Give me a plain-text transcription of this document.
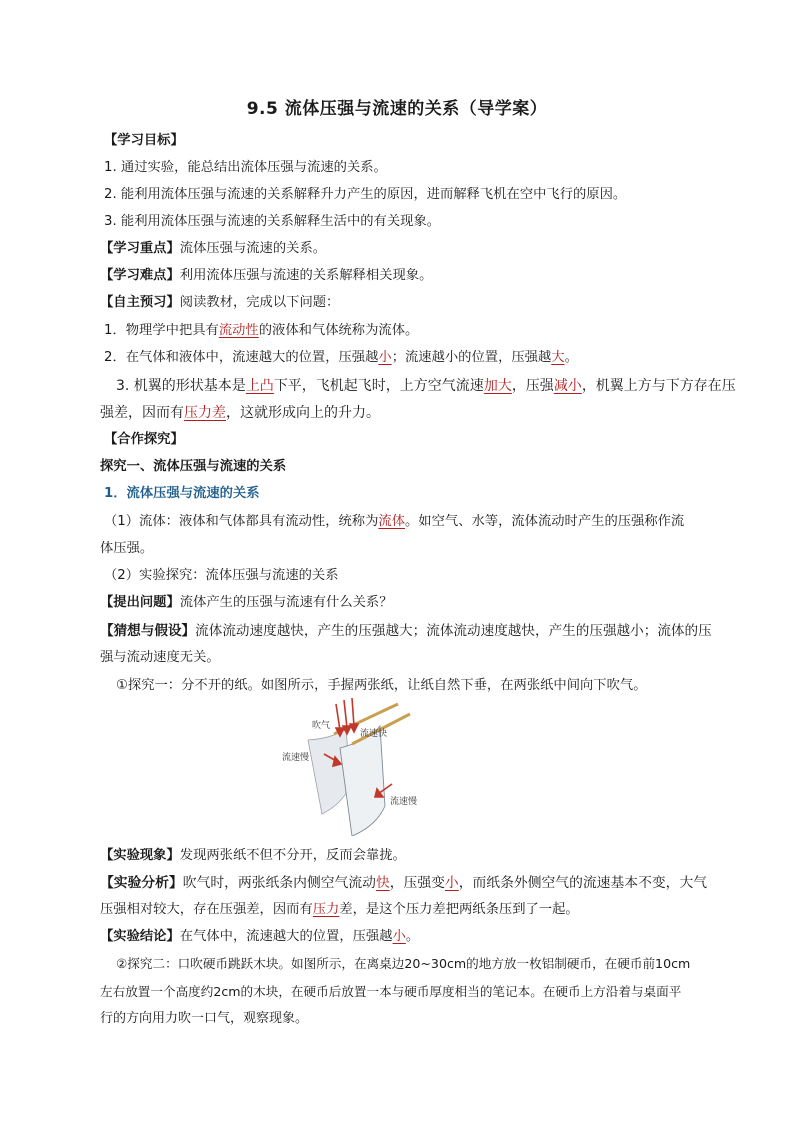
9.5 流体压强与流速的关系（导学案）
【学习目标】
1. 通过实验，能总结出流体压强与流速的关系。
2. 能利用流体压强与流速的关系解释升力产生的原因，进而解释飞机在空中飞行的原因。
3. 能利用流体压强与流速的关系解释生活中的有关现象。
【学习重点】流体压强与流速的关系。
【学习难点】利用流体压强与流速的关系解释相关现象。
【自主预习】阅读教材，完成以下问题：
1．物理学中把具有流动性的液体和气体统称为流体。
2．在气体和液体中，流速越大的位置，压强越小；流速越小的位置，压强越大。
3. 机翼的形状基本是上凸下平，飞机起飞时，上方空气流速加大，压强减小，机翼上方与下方存在压
强差，因而有压力差，这就形成向上的升力。
【合作探究】
探究一、流体压强与流速的关系
1．流体压强与流速的关系
（1）流体：液体和气体都具有流动性，统称为流体。如空气、水等，流体流动时产生的压强称作流
体压强。
（2）实验探究：流体压强与流速的关系
【提出问题】流体产生的压强与流速有什么关系？
【猜想与假设】流体流动速度越快，产生的压强越大；流体流动速度越快，产生的压强越小；流体的压
强与流动速度无关。
①探究一：分不开的纸。如图所示，手握两张纸，让纸自然下垂，在两张纸中间向下吹气。
吹气
流速快
流速慢
流速慢
【实验现象】发现两张纸不但不分开，反而会靠拢。
【实验分析】吹气时，两张纸条内侧空气流动快，压强变小，而纸条外侧空气的流速基本不变，大气
压强相对较大，存在压强差，因而有压力差，是这个压力差把两纸条压到了一起。
【实验结论】在气体中，流速越大的位置，压强越小。
②探究二：口吹硬币跳跃木块。如图所示，在离桌边20~30cm的地方放一枚铝制硬币，在硬币前10cm
左右放置一个高度约2cm的木块，在硬币后放置一本与硬币厚度相当的笔记本。在硬币上方沿着与桌面平
行的方向用力吹一口气，观察现象。
